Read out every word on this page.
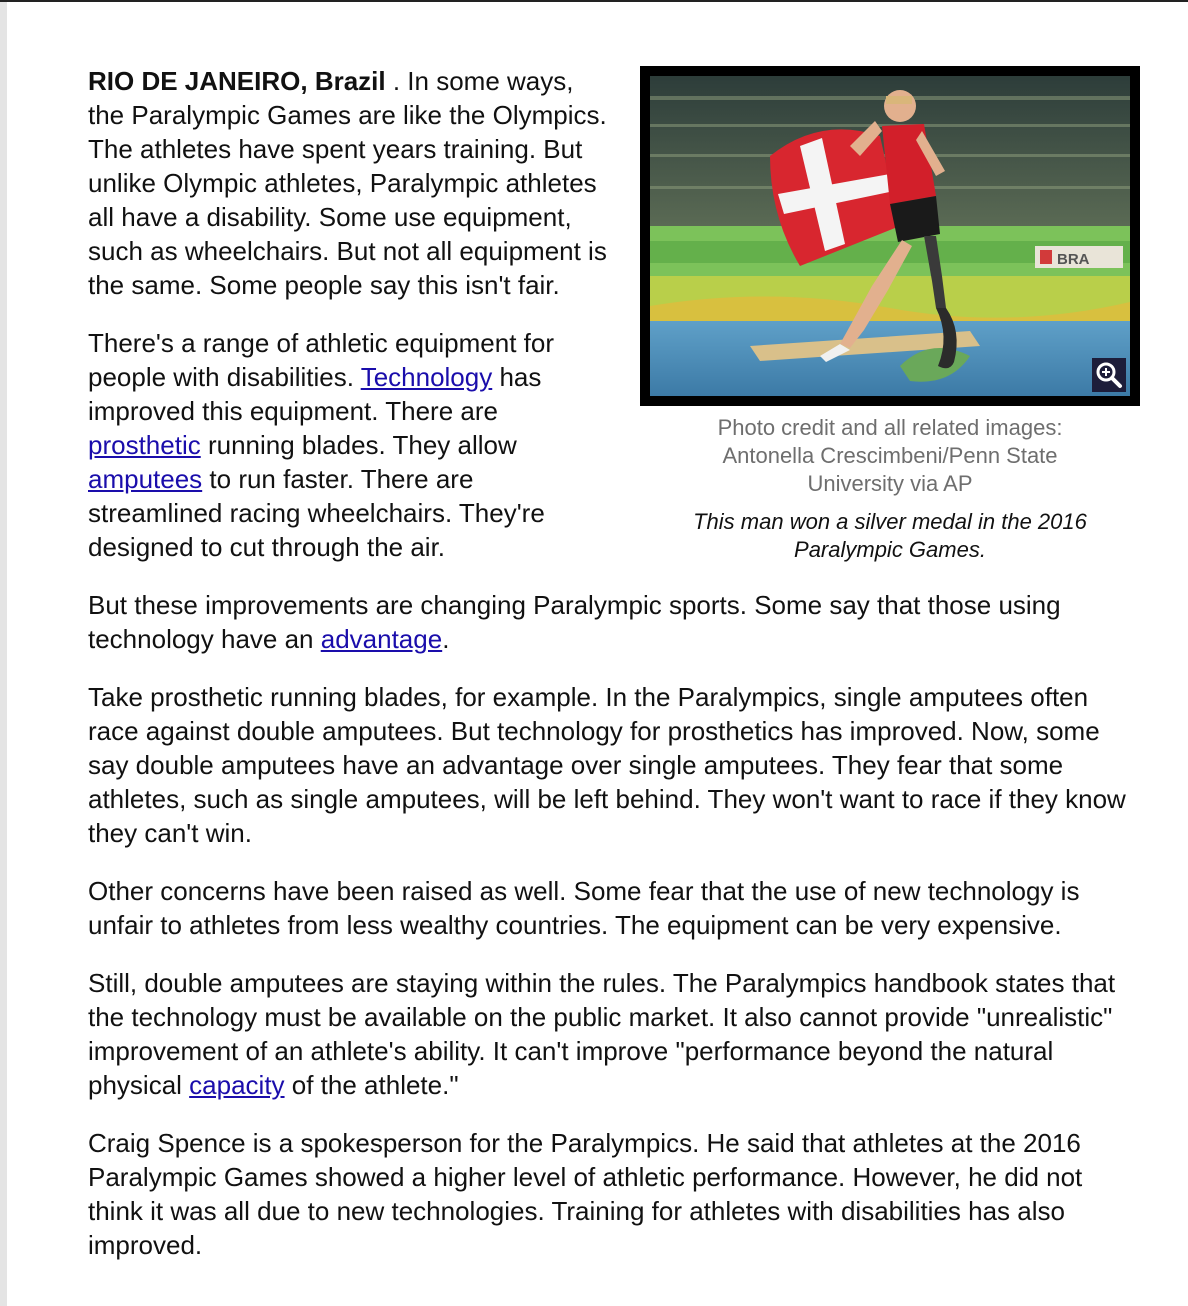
BRA
Photo credit and all related images: Antonella Crescimbeni/Penn State University via AP
This man won a silver medal in the 2016 Paralympic Games.

RIO DE JANEIRO, Brazil . In some ways, the Paralympic Games are like the Olympics. The athletes have spent years training. But unlike Olympic athletes, Paralympic athletes all have a disability. Some use equipment, such as wheelchairs. But not all equipment is the same. Some people say this isn't fair.

There's a range of athletic equipment for people with disabilities. Technology has improved this equipment. There are prosthetic running blades. They allow amputees to run faster. There are streamlined racing wheelchairs. They're designed to cut through the air.

But these improvements are changing Paralympic sports. Some say that those using technology have an advantage.

Take prosthetic running blades, for example. In the Paralympics, single amputees often race against double amputees. But technology for prosthetics has improved. Now, some say double amputees have an advantage over single amputees. They fear that some athletes, such as single amputees, will be left behind. They won't want to race if they know they can't win.

Other concerns have been raised as well. Some fear that the use of new technology is unfair to athletes from less wealthy countries. The equipment can be very expensive.

Still, double amputees are staying within the rules. The Paralympics handbook states that the technology must be available on the public market. It also cannot provide "unrealistic" improvement of an athlete's ability. It can't improve "performance beyond the natural physical capacity of the athlete."

Craig Spence is a spokesperson for the Paralympics. He said that athletes at the 2016 Paralympic Games showed a higher level of athletic performance. However, he did not think it was all due to new technologies. Training for athletes with disabilities has also improved.
